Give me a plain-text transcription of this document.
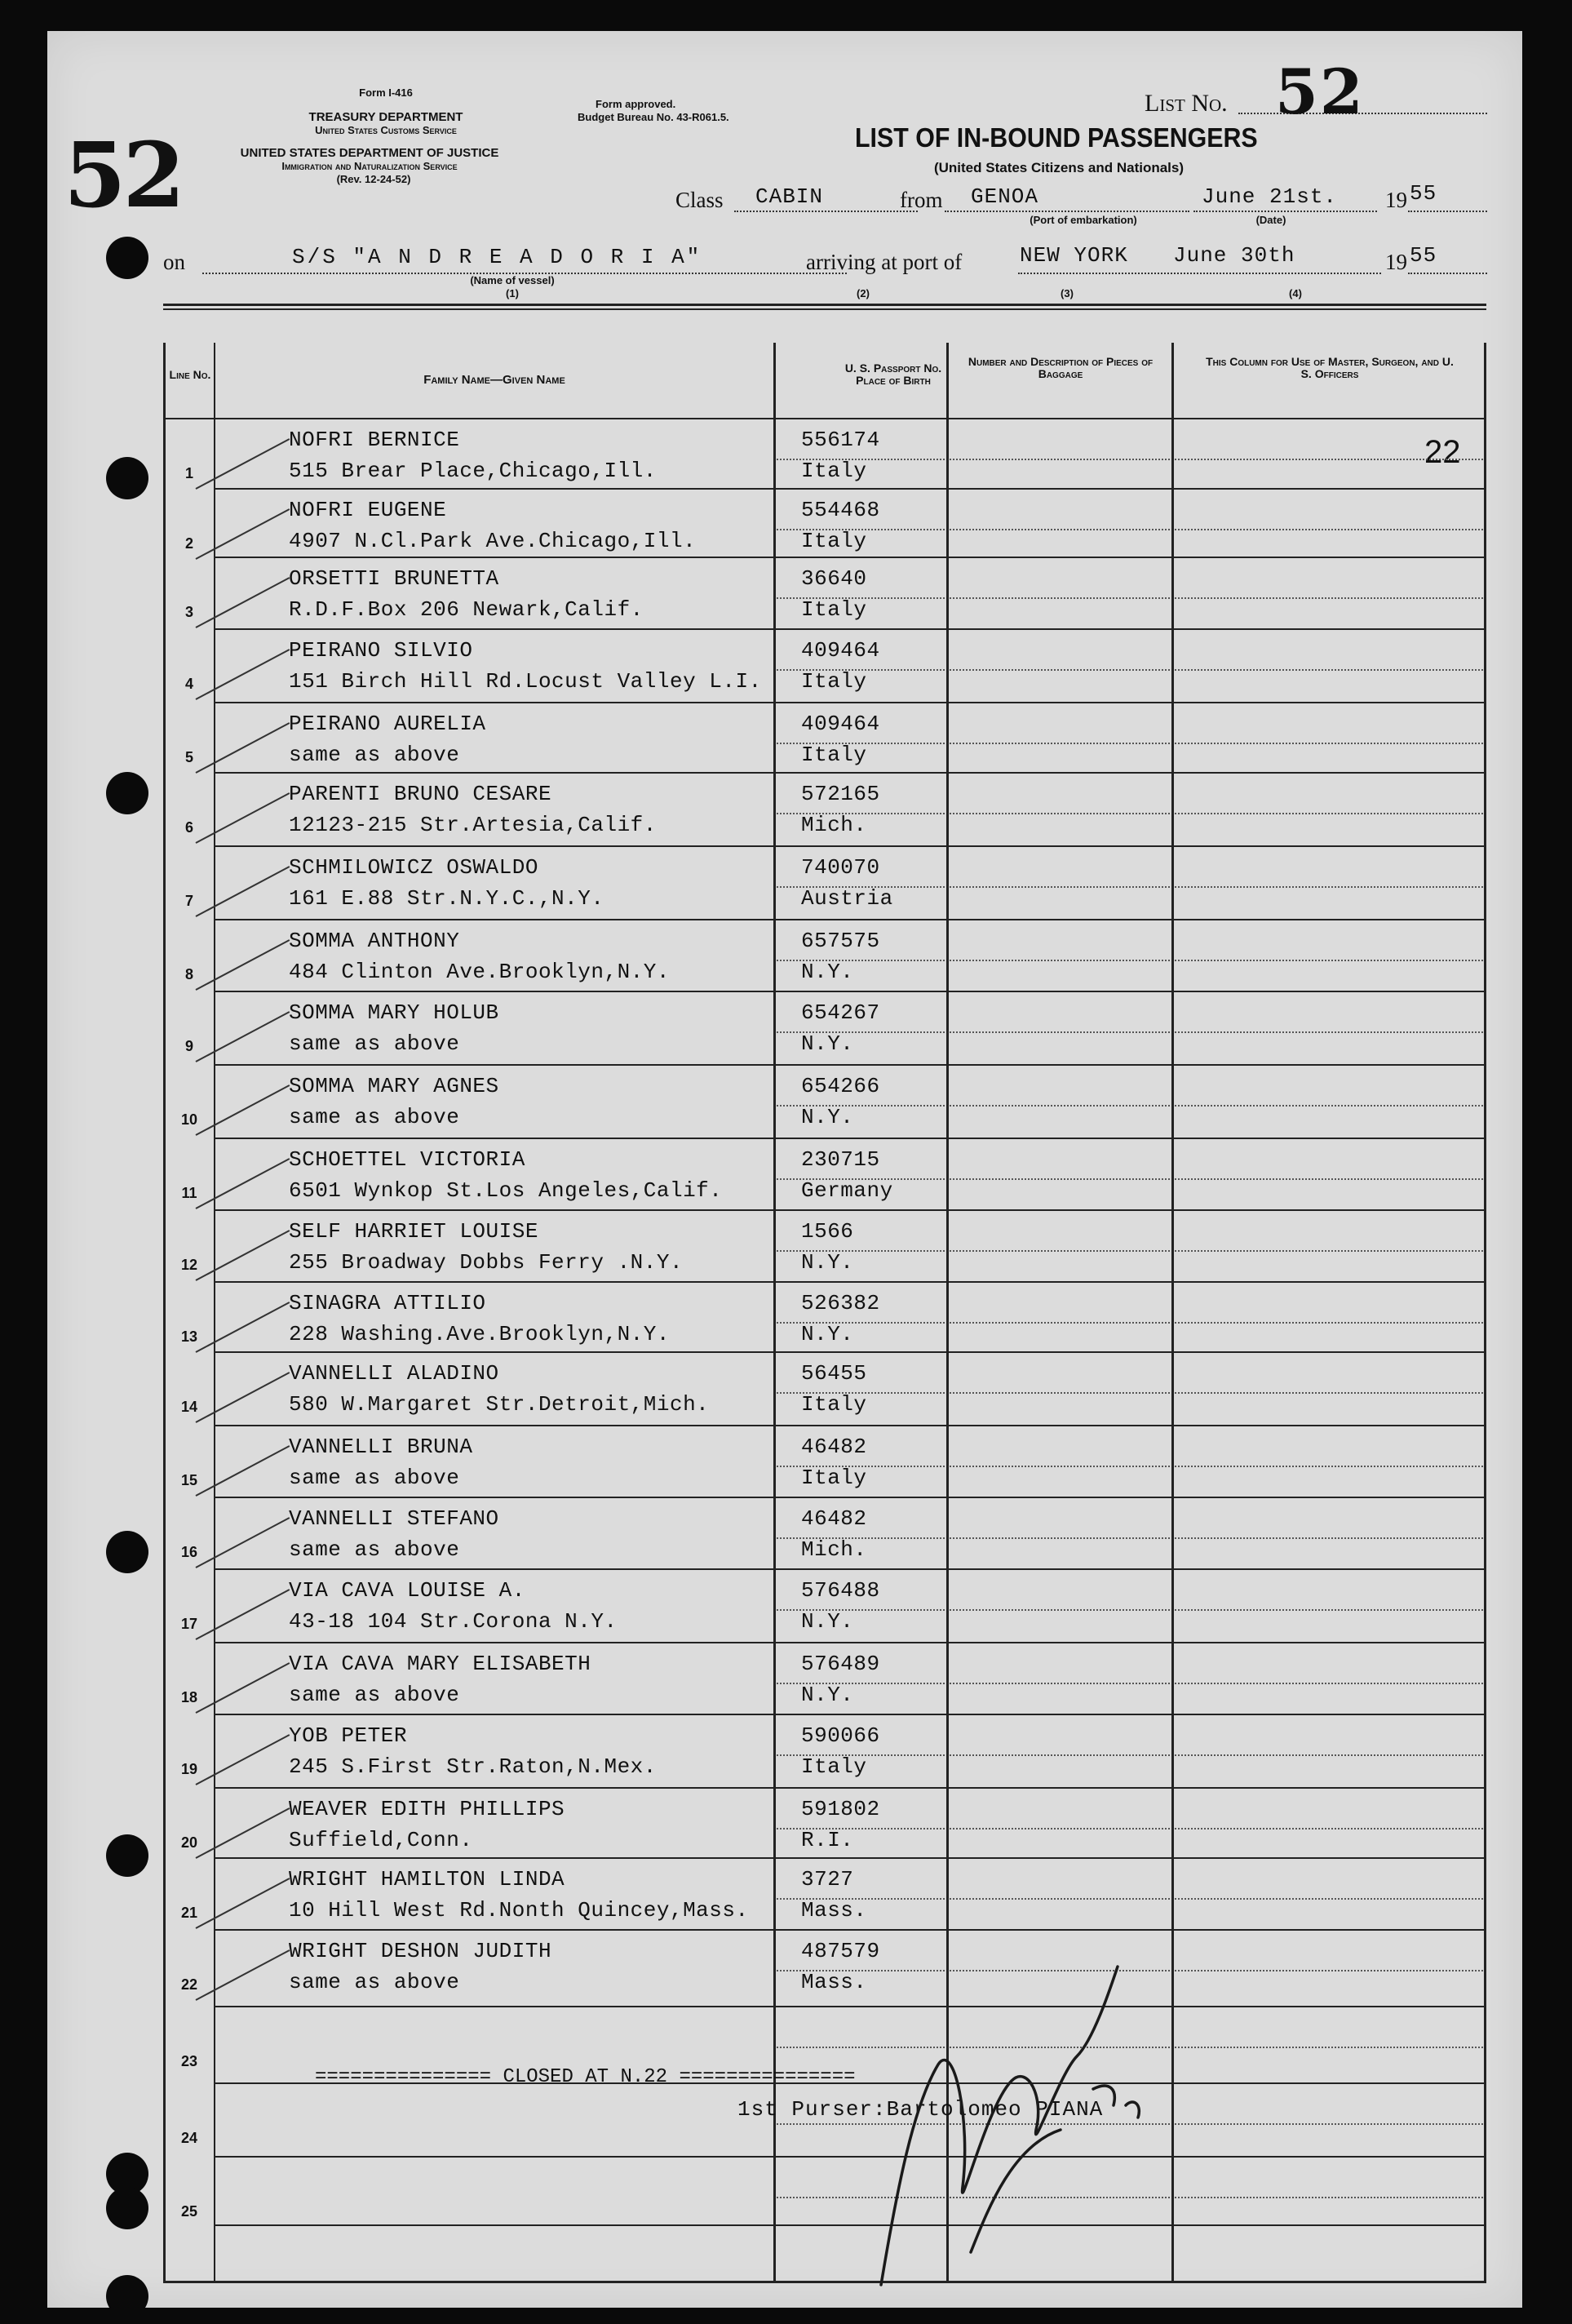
52
Form I-416
TREASURY DEPARTMENT
United States Customs Service
UNITED STATES DEPARTMENT OF JUSTICE
Immigration and Naturalization Service
(Rev. 12-24-52)
Form approved.
Budget Bureau No. 43-R061.5.
List No. 52
LIST OF IN-BOUND PASSENGERS
(United States Citizens and Nationals)
Class CABIN	from GENOA
(Port of embarkation)
June 21st.
(Date)
19 55
on	S/S "A N D R E A D O R I A"
(Name of vessel)
(1)
arriving at port of	NEW YORK June 30th	19 55
(2)	(3)	(4)
Line No.	Family Name—Given Name
U. S. Passport No. Place of Birth
Number and Description of Pieces of Baggage
This Column for Use of Master, Surgeon, and U. S. Officers
22
1
NOFRI BERNICE
515 Brear Place,Chicago,Ill.
556174
Italy
2
NOFRI EUGENE
4907 N.Cl.Park Ave.Chicago,Ill.
554468
Italy
3
ORSETTI BRUNETTA
R.D.F.Box 206 Newark,Calif.
36640
Italy
4
PEIRANO SILVIO
151 Birch Hill Rd.Locust Valley L.I.
409464
Italy
5
PEIRANO AURELIA
same as above
409464
Italy
6
PARENTI BRUNO CESARE
12123-215 Str.Artesia,Calif.
572165
Mich.
7
SCHMILOWICZ OSWALDO
161 E.88 Str.N.Y.C.,N.Y.
740070
Austria
8
SOMMA ANTHONY
484 Clinton Ave.Brooklyn,N.Y.
657575
N.Y.
9
SOMMA MARY HOLUB
same as above
654267
N.Y.
10
SOMMA MARY AGNES
same as above
654266
N.Y.
11
SCHOETTEL VICTORIA
6501 Wynkop St.Los Angeles,Calif.
230715
Germany
12
SELF HARRIET LOUISE
255 Broadway Dobbs Ferry .N.Y.
1566
N.Y.
13
SINAGRA ATTILIO
228 Washing.Ave.Brooklyn,N.Y.
526382
N.Y.
14
VANNELLI ALADINO
580 W.Margaret Str.Detroit,Mich.
56455
Italy
15
VANNELLI BRUNA
same as above
46482
Italy
16
VANNELLI STEFANO
same as above
46482
Mich.
17
VIA CAVA LOUISE A.
43-18 104 Str.Corona N.Y.
576488
N.Y.
18
VIA CAVA MARY ELISABETH
same as above
576489
N.Y.
19
YOB PETER
245 S.First Str.Raton,N.Mex.
590066
Italy
20
WEAVER EDITH PHILLIPS
Suffield,Conn.
591802
R.I.
21
WRIGHT HAMILTON LINDA
10 Hill West Rd.Nonth Quincey,Mass.
3727
Mass.
22
WRIGHT DESHON JUDITH
same as above
487579
Mass.
23
24
25
=============== CLOSED AT N.22 ===============
1st Purser:Bartolomeo PIANA
